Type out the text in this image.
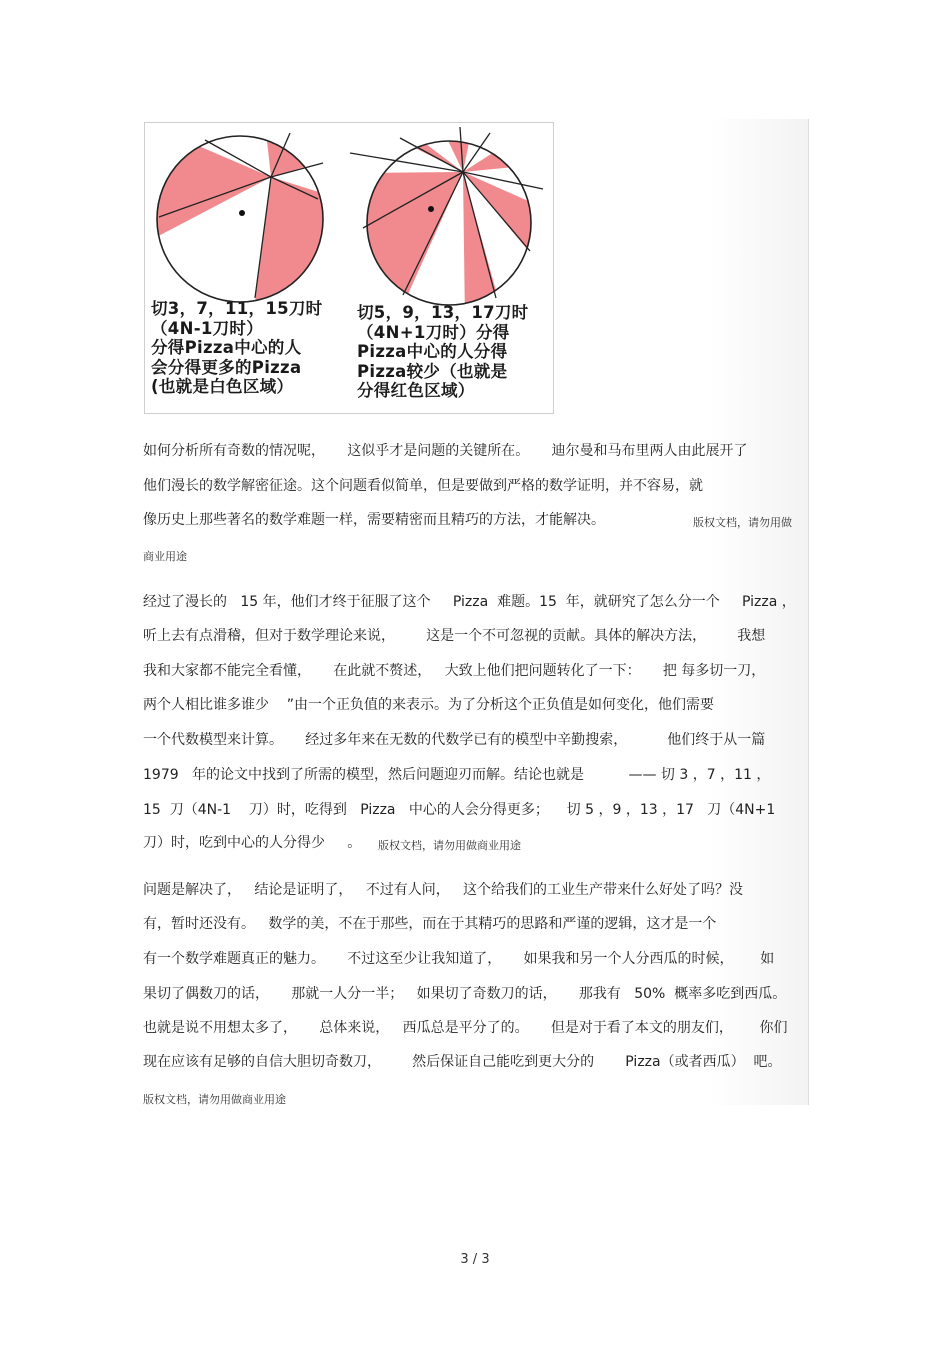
切3，7，11，15刀时
（4N-1刀时）
分得Pizza中心的人
会分得更多的Pizza
(也就是白色区域）
切5，9，13，17刀时
（4N+1刀时）分得
Pizza中心的人分得
Pizza较少（也就是
分得红色区域）

如何分析所有奇数的情况呢，     这似乎才是问题的关键所在。     迪尔曼和马布里两人由此展开了

他们漫长的数学解密征途。这个问题看似简单，但是要做到严格的数学证明，并不容易，就

像历史上那些著名的数学难题一样，需要精密而且精巧的方法，才能解决。	版权文档，请勿用做

商业用途

经过了漫长的   15 年，他们才终于征服了这个     Pizza  难题。15  年，就研究了怎么分一个     Pizza ，

听上去有点滑稽，但对于数学理论来说，       这是一个不可忽视的贡献。具体的解决方法，       我想

我和大家都不能完全看懂，     在此就不赘述，   大致上他们把问题转化了一下：     把 每多切一刀，

两个人相比谁多谁少    ”由一个正负值的来表示。为了分析这个正负值是如何变化，他们需要

一个代数模型来计算。     经过多年来在无数的代数学已有的模型中辛勤搜索，         他们终于从一篇

1979   年的论文中找到了所需的模型，然后问题迎刃而解。结论也就是          —— 切 3 ，7 ，11 ，

15  刀（4N-1    刀）时，吃得到   Pizza   中心的人会分得更多；    切 5 ，9 ，13 ，17   刀（4N+1

刀）时，吃到中心的人分得少     。 版权文档，请勿用做商业用途

问题是解决了，   结论是证明了，   不过有人问，   这个给我们的工业生产带来什么好处了吗？没

有，暂时还没有。   数学的美，不在于那些，而在于其精巧的思路和严谨的逻辑，这才是一个

有一个数学难题真正的魅力。     不过这至少让我知道了，     如果我和另一个人分西瓜的时候，      如

果切了偶数刀的话，     那就一人分一半；   如果切了奇数刀的话，     那我有   50%  概率多吃到西瓜。

也就是说不用想太多了，     总体来说，   西瓜总是平分了的。     但是对于看了本文的朋友们，      你们

现在应该有足够的自信大胆切奇数刀，       然后保证自己能吃到更大分的       Pizza（或者西瓜）  吧。

版权文档，请勿用做商业用途

3 / 3
